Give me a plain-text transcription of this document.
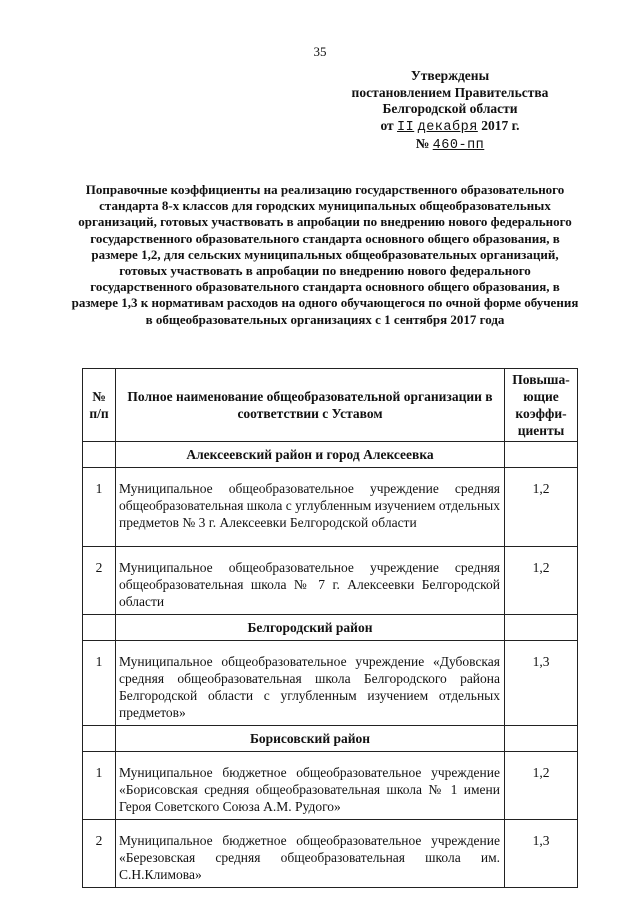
35
Утверждены
постановлением Правительства
Белгородской области
от II декабря 2017 г.
№ 460-пп
Поправочные коэффициенты на реализацию государственного образовательного стандарта 8-х классов для городских муниципальных общеобразовательных организаций, готовых участвовать в апробации по внедрению нового федерального государственного образовательного стандарта основного общего образования, в размере 1,2, для сельских муниципальных общеобразовательных организаций, готовых участвовать в апробации по внедрению нового федерального государственного образовательного стандарта основного общего образования, в размере 1,3 к нормативам расходов на одного обучающегося по очной форме обучения в общеобразовательных организациях с 1 сентября 2017 года
№ п/п	Полное наименование общеобразовательной организации в соответствии с Уставом	Повыша-ющие коэффи-циенты
	Алексеевский район и город Алексеевка	
1	Муниципальное общеобразовательное учреждение средняя общеобразовательная школа с углубленным изучением отдельных предметов № 3 г. Алексеевки Белгородской области	1,2
2	Муниципальное общеобразовательное учреждение средняя общеобразовательная школа № 7 г. Алексеевки Белгородской области	1,2
	Белгородский район	
1	Муниципальное общеобразовательное учреждение «Дубовская средняя общеобразовательная школа Белгородского района Белгородской области с углубленным изучением отдельных предметов»	1,3
	Борисовский район	
1	Муниципальное бюджетное общеобразовательное учреждение «Борисовская средняя общеобразовательная школа № 1 имени Героя Советского Союза А.М. Рудого»	1,2
2	Муниципальное бюджетное общеобразовательное учреждение «Березовская средняя общеобразовательная школа им. С.Н.Климова»	1,3
